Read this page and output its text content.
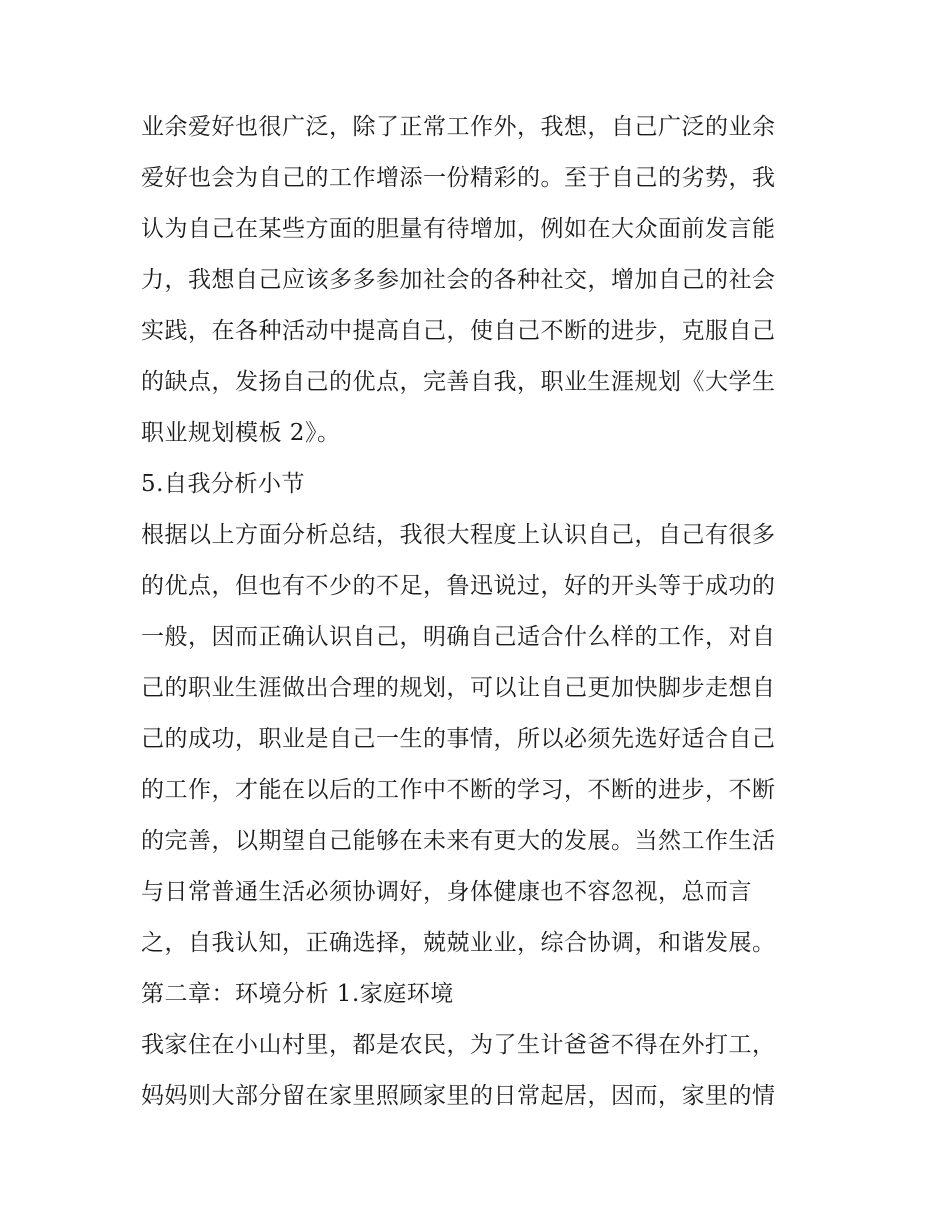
业余爱好也很广泛，除了正常工作外，我想，自己广泛的业余
爱好也会为自己的工作增添一份精彩的。至于自己的劣势，我
认为自己在某些方面的胆量有待增加，例如在大众面前发言能
力，我想自己应该多多参加社会的各种社交，增加自己的社会
实践，在各种活动中提高自己，使自己不断的进步，克服自己
的缺点，发扬自己的优点，完善自我，职业生涯规划《大学生
职业规划模板 2》。
5.自我分析小节
根据以上方面分析总结，我很大程度上认识自己，自己有很多
的优点，但也有不少的不足，鲁迅说过，好的开头等于成功的
一般，因而正确认识自己，明确自己适合什么样的工作，对自
己的职业生涯做出合理的规划，可以让自己更加快脚步走想自
己的成功，职业是自己一生的事情，所以必须先选好适合自己
的工作，才能在以后的工作中不断的学习，不断的进步，不断
的完善，以期望自己能够在未来有更大的发展。当然工作生活
与日常普通生活必须协调好，身体健康也不容忽视，总而言
之，自我认知，正确选择，兢兢业业，综合协调，和谐发展。
第二章：环境分析 1.家庭环境
我家住在小山村里，都是农民，为了生计爸爸不得在外打工，
妈妈则大部分留在家里照顾家里的日常起居，因而，家里的情
